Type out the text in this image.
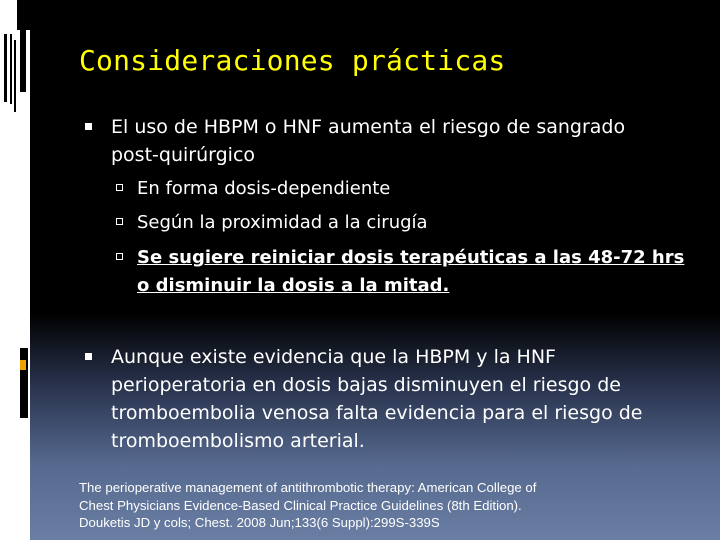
Consideraciones prácticas
El uso de HBPM o HNF aumenta el riesgo de sangrado
post-quirúrgico
En forma dosis-dependiente
Según la proximidad a la cirugía
Se sugiere reiniciar dosis terapéuticas a las 48-72 hrs
o disminuir la dosis a la mitad.
Aunque existe evidencia que la HBPM y la HNF
perioperatoria en dosis bajas disminuyen el riesgo de
tromboembolia venosa falta evidencia para el riesgo de
tromboembolismo arterial.
The perioperative management of antithrombotic therapy: American College of
Chest Physicians Evidence-Based Clinical Practice Guidelines (8th Edition).
Douketis JD y cols; Chest. 2008 Jun;133(6 Suppl):299S-339S
